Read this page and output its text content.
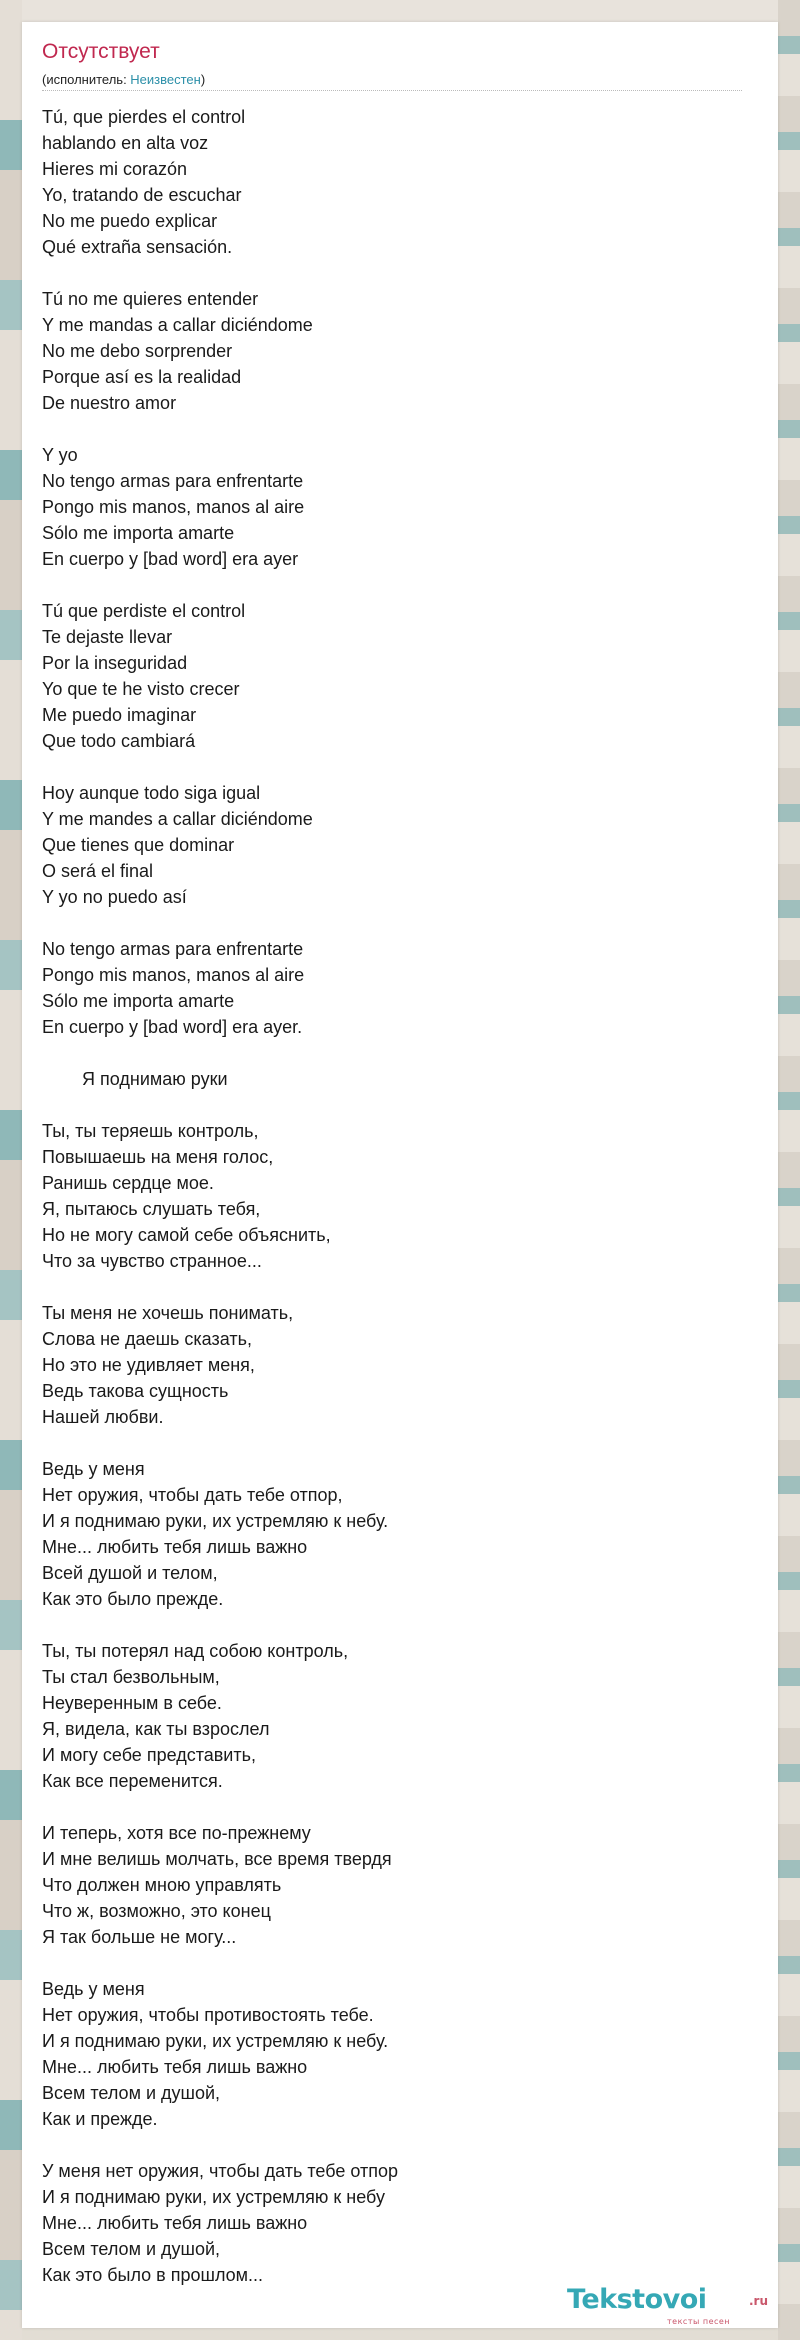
Отсутствует
(исполнитель: Неизвестен)
Tú, que pierdes el control
hablando en alta voz
Hieres mi corazón
Yo, tratando de escuchar
No me puedo explicar
Qué extraña sensación.

Tú no me quieres entender
Y me mandas a callar diciéndome
No me debo sorprender
Porque así es la realidad
De nuestro amor

Y yo
No tengo armas para enfrentarte
Pongo mis manos, manos al aire
Sólo me importa amarte
En cuerpo y [bad word] era ayer

Tú que perdiste el control
Te dejaste llevar
Por la inseguridad
Yo que te he visto crecer
Me puedo imaginar
Que todo cambiará

Hoy aunque todo siga igual
Y me mandes a callar diciéndome
Que tienes que dominar
O será el final
Y yo no puedo así

No tengo armas para enfrentarte
Pongo mis manos, manos al aire
Sólo me importa amarte
En cuerpo y [bad word] era ayer.

Я поднимаю руки

Ты, ты теряешь контроль,
Повышаешь на меня голос,
Ранишь сердце мое.
Я, пытаюсь слушать тебя,
Но не могу самой себе объяснить,
Что за чувство странное...

Ты меня не хочешь понимать,
Слова не даешь сказать,
Но это не удивляет меня,
Ведь такова сущность
Нашей любви.

Ведь у меня
Нет оружия, чтобы дать тебе отпор,
И я поднимаю руки, их устремляю к небу.
Мне... любить тебя лишь важно
Всей душой и телом,
Как это было прежде.

Ты, ты потерял над собою контроль,
Ты стал безвольным,
Неуверенным в себе.
Я, видела, как ты взрослел
И могу себе представить,
Как все переменится.

И теперь, хотя все по-прежнему
И мне велишь молчать, все время твердя
Что должен мною управлять
Что ж, возможно, это конец
Я так больше не могу...

Ведь у меня
Нет оружия, чтобы противостоять тебе.
И я поднимаю руки, их устремляю к небу.
Мне... любить тебя лишь важно
Всем телом и душой,
Как и прежде.

У меня нет оружия, чтобы дать тебе отпор
И я поднимаю руки, их устремляю к небу
Мне... любить тебя лишь важно
Всем телом и душой,
Как это было в прошлом...
Tekstovoi	.ru
тексты песен
